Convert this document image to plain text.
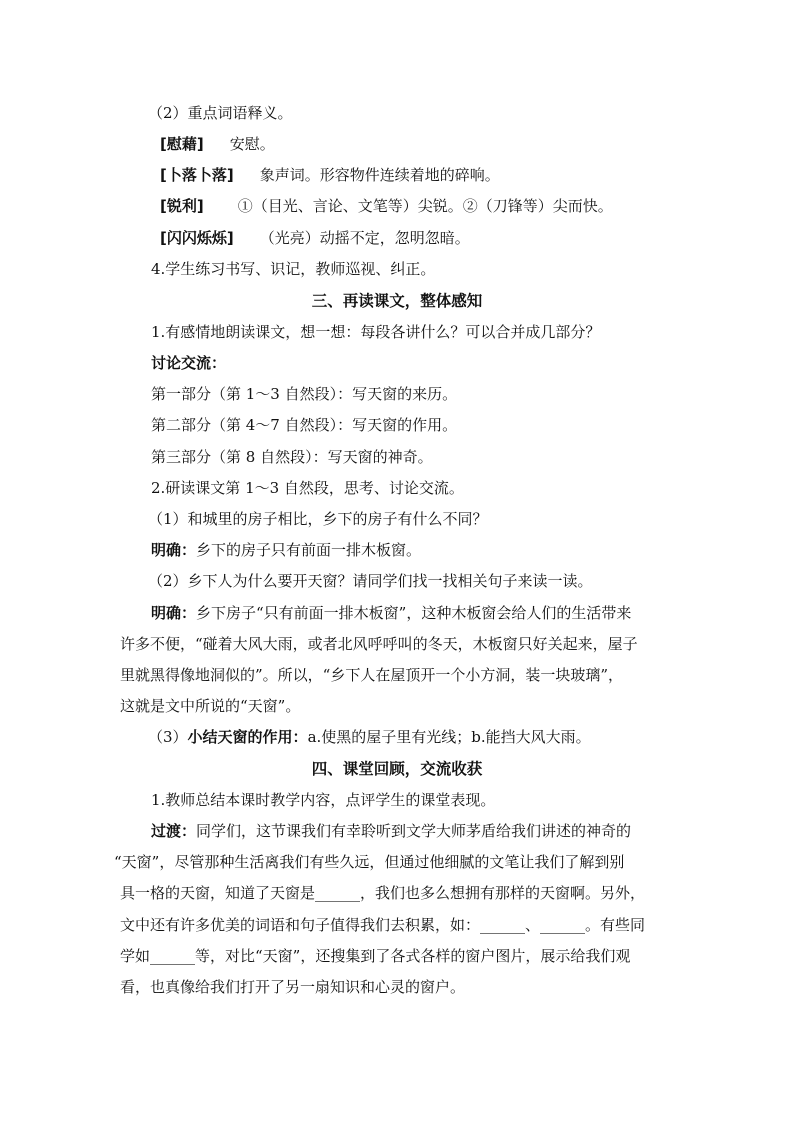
（2）重点词语释义。
[慰藉] 安慰。
[卜落卜落] 象声词。形容物件连续着地的碎响。
[锐利] ①（目光、言论、文笔等）尖锐。②（刀锋等）尖而快。
[闪闪烁烁] （光亮）动摇不定，忽明忽暗。
4.学生练习书写、识记，教师巡视、纠正。
三、再读课文，整体感知
1.有感情地朗读课文，想一想：每段各讲什么？可以合并成几部分？
讨论交流：
第一部分（第 1～3 自然段）：写天窗的来历。
第二部分（第 4～7 自然段）：写天窗的作用。
第三部分（第 8 自然段）：写天窗的神奇。
2.研读课文第 1～3 自然段，思考、讨论交流。
（1）和城里的房子相比，乡下的房子有什么不同？
明确：乡下的房子只有前面一排木板窗。
（2）乡下人为什么要开天窗？请同学们找一找相关句子来读一读。
明确：乡下房子“只有前面一排木板窗”，这种木板窗会给人们的生活带来
许多不便，“碰着大风大雨，或者北风呼呼叫的冬天，木板窗只好关起来，屋子
里就黑得像地洞似的”。所以，“乡下人在屋顶开一个小方洞，装一块玻璃”，
这就是文中所说的“天窗”。
（3）小结天窗的作用：a.使黑的屋子里有光线；b.能挡大风大雨。
四、课堂回顾，交流收获
1.教师总结本课时教学内容，点评学生的课堂表现。
过渡：同学们，这节课我们有幸聆听到文学大师茅盾给我们讲述的神奇的
“天窗”，尽管那种生活离我们有些久远，但通过他细腻的文笔让我们了解到别
具一格的天窗，知道了天窗是______，我们也多么想拥有那样的天窗啊。另外，
文中还有许多优美的词语和句子值得我们去积累，如：______、______。有些同
学如______等，对比“天窗”，还搜集到了各式各样的窗户图片，展示给我们观
看，也真像给我们打开了另一扇知识和心灵的窗户。
